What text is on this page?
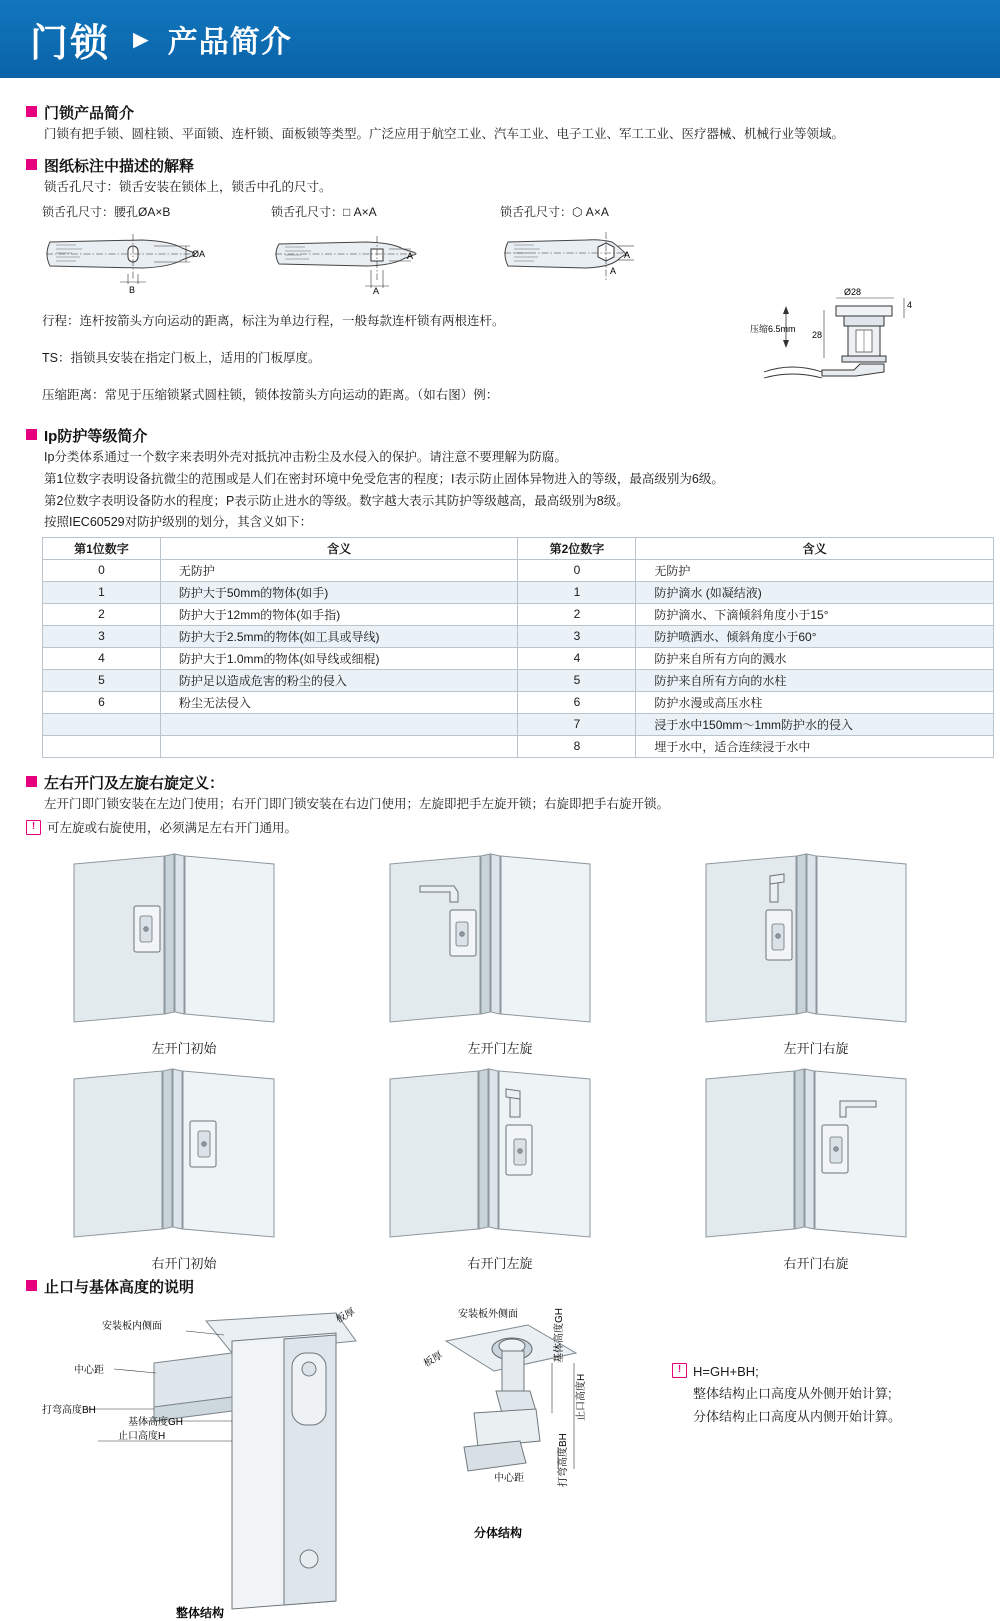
门锁 ► 产品简介
门锁产品简介

门锁有把手锁、圆柱锁、平面锁、连杆锁、面板锁等类型。广泛应用于航空工业、汽车工业、电子工业、军工工业、医疗器械、机械行业等领域。

图纸标注中描述的解释

锁舌孔尺寸：锁舌安装在锁体上，锁舌中孔的尺寸。

锁舌孔尺寸：腰孔ØA×B
ØA
B
锁舌孔尺寸：□ A×A
A
A
锁舌孔尺寸：⬡ A×A
A
A

行程：连杆按箭头方向运动的距离，标注为单边行程，一般每款连杆锁有两根连杆。

TS：指锁具安装在指定门板上，适用的门板厚度。

压缩距离：常见于压缩锁紧式圆柱锁，锁体按箭头方向运动的距离。（如右图）例：

Ø28
4
28
压缩6.5mm
Ip防护等级简介

Ip分类体系通过一个数字来表明外壳对抵抗冲击粉尘及水侵入的保护。请注意不要理解为防腐。

第1位数字表明设备抗微尘的范围或是人们在密封环境中免受危害的程度；I表示防止固体异物进入的等级，最高级别为6级。

第2位数字表明设备防水的程度；P表示防止进水的等级。数字越大表示其防护等级越高，最高级别为8级。

按照IEC60529对防护级别的划分，其含义如下：

第1位数字	含义	第2位数字	含义
0	无防护	0	无防护
1	防护大于50mm的物体(如手)	1	防护滴水 (如凝结液)
2	防护大于12mm的物体(如手指)	2	防护滴水、下滴倾斜角度小于15°
3	防护大于2.5mm的物体(如工具或导线)	3	防护喷洒水、倾斜角度小于60°
4	防护大于1.0mm的物体(如导线或细棍)	4	防护来自所有方向的溅水
5	防护足以造成危害的粉尘的侵入	5	防护来自所有方向的水柱
6	粉尘无法侵入	6	防护水漫或高压水柱
		7	浸于水中150mm～1mm防护水的侵入
		8	埋于水中，适合连续浸于水中
左右开门及左旋右旋定义：

左开门即门锁安装在左边门使用；右开门即门锁安装在右边门使用；左旋即把手左旋开锁；右旋即把手右旋开锁。

! 可左旋或右旋使用，必须满足左右开门通用。
左开门初始	左开门左旋	左开门右旋
右开门初始	右开门左旋	右开门右旋
止口与基体高度的说明
安装板内侧面
板厚
中心距
打弯高度BH
基体高度GH
止口高度H
整体结构
安装板外侧面
板厚	基体高度GH
止口高度H
打弯高度BH
中心距
分体结构
! H=GH+BH;
整体结构止口高度从外侧开始计算;
分体结构止口高度从内侧开始计算。
